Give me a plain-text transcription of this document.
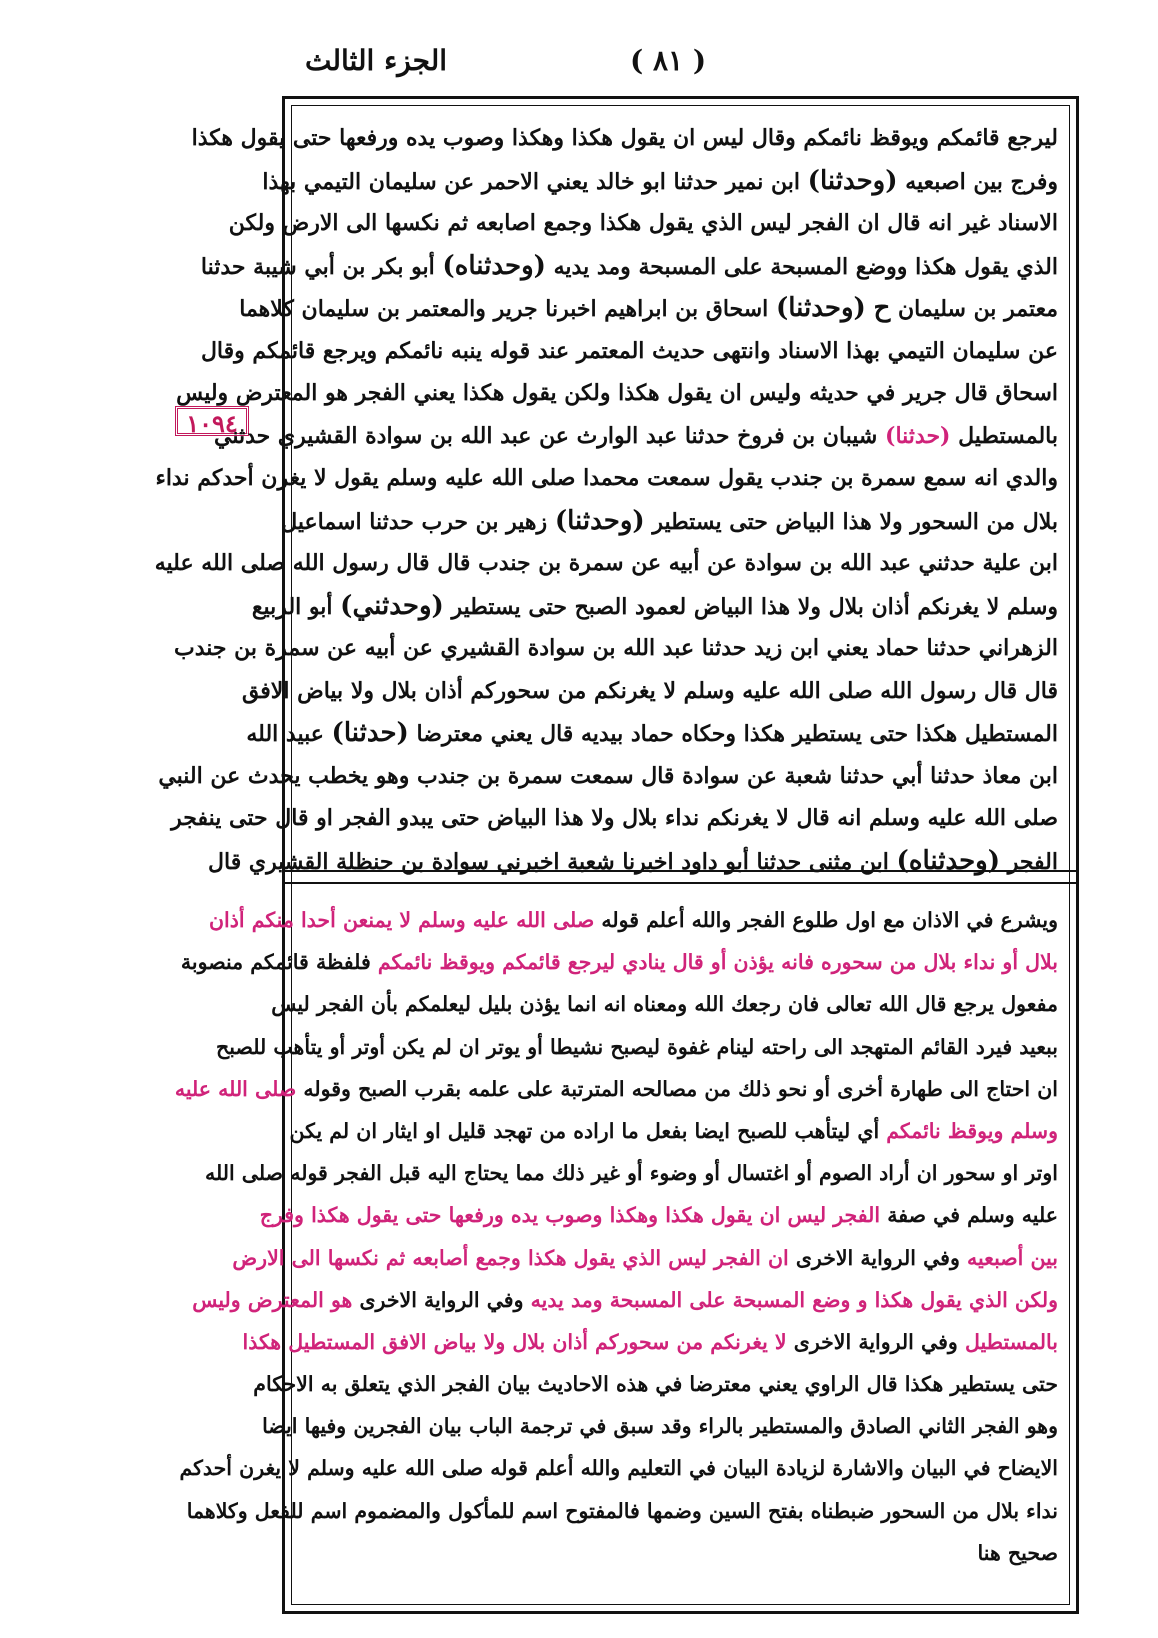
( ٨١ )
الجزء الثالث
١٠٩٤
ليرجع قائمكم ويوقظ نائمكم وقال ليس ان يقول هكذا وهكذا وصوب يده ورفعها حتى يقول هكذا
وفرج بين اصبعيه (وحدثنا) ابن نمير حدثنا ابو خالد يعني الاحمر عن سليمان التيمي بهذا
الاسناد غير انه قال ان الفجر ليس الذي يقول هكذا وجمع اصابعه ثم نكسها الى الارض ولكن
الذي يقول هكذا ووضع المسبحة على المسبحة ومد يديه (وحدثناه) أبو بكر بن أبي شيبة حدثنا
معتمر بن سليمان ح (وحدثنا) اسحاق بن ابراهيم اخبرنا جرير والمعتمر بن سليمان كلاهما
عن سليمان التيمي بهذا الاسناد وانتهى حديث المعتمر عند قوله ينبه نائمكم ويرجع قائمكم وقال
اسحاق قال جرير في حديثه وليس ان يقول هكذا ولكن يقول هكذا يعني الفجر هو المعترض وليس
بالمستطيل (حدثنا) شيبان بن فروخ حدثنا عبد الوارث عن عبد الله بن سوادة القشيري حدثني
والدي انه سمع سمرة بن جندب يقول سمعت محمدا صلى الله عليه وسلم يقول لا يغرن أحدكم نداء
بلال من السحور ولا هذا البياض حتى يستطير (وحدثنا) زهير بن حرب حدثنا اسماعيل
ابن علية حدثني عبد الله بن سوادة عن أبيه عن سمرة بن جندب قال قال رسول الله صلى الله عليه
وسلم لا يغرنكم أذان بلال ولا هذا البياض لعمود الصبح حتى يستطير (وحدثني) أبو الربيع
الزهراني حدثنا حماد يعني ابن زيد حدثنا عبد الله بن سوادة القشيري عن أبيه عن سمرة بن جندب
قال قال رسول الله صلى الله عليه وسلم لا يغرنكم من سحوركم أذان بلال ولا بياض الافق
المستطيل هكذا حتى يستطير هكذا وحكاه حماد بيديه قال يعني معترضا (حدثنا) عبيد الله
ابن معاذ حدثنا أبي حدثنا شعبة عن سوادة قال سمعت سمرة بن جندب وهو يخطب يحدث عن النبي
صلى الله عليه وسلم انه قال لا يغرنكم نداء بلال ولا هذا البياض حتى يبدو الفجر او قال حتى ينفجر
الفجر (وحدثناه) ابن مثنى حدثنا أبو داود اخبرنا شعبة اخبرني سوادة بن حنظلة القشيري قال
ويشرع في الاذان مع اول طلوع الفجر والله أعلم قوله صلى الله عليه وسلم لا يمنعن أحدا منكم أذان
بلال أو نداء بلال من سحوره فانه يؤذن أو قال ينادي ليرجع قائمكم ويوقظ نائمكم فلفظة قائمكم منصوبة
مفعول يرجع قال الله تعالى فان رجعك الله ومعناه انه انما يؤذن بليل ليعلمكم بأن الفجر ليس
ببعيد فيرد القائم المتهجد الى راحته لينام غفوة ليصبح نشيطا أو يوتر ان لم يكن أوتر أو يتأهب للصبح
ان احتاج الى طهارة أخرى أو نحو ذلك من مصالحه المترتبة على علمه بقرب الصبح وقوله صلى الله عليه
وسلم ويوقظ نائمكم أي ليتأهب للصبح ايضا بفعل ما اراده من تهجد قليل او ايثار ان لم يكن
اوتر او سحور ان أراد الصوم أو اغتسال أو وضوء أو غير ذلك مما يحتاج اليه قبل الفجر قوله صلى الله
عليه وسلم في صفة الفجر ليس ان يقول هكذا وهكذا وصوب يده ورفعها حتى يقول هكذا وفرج
بين أصبعيه وفي الرواية الاخرى ان الفجر ليس الذي يقول هكذا وجمع أصابعه ثم نكسها الى الارض
ولكن الذي يقول هكذا و وضع المسبحة على المسبحة ومد يديه وفي الرواية الاخرى هو المعترض وليس
بالمستطيل وفي الرواية الاخرى لا يغرنكم من سحوركم أذان بلال ولا بياض الافق المستطيل هكذا
حتى يستطير هكذا قال الراوي يعني معترضا في هذه الاحاديث بيان الفجر الذي يتعلق به الاحكام
وهو الفجر الثاني الصادق والمستطير بالراء وقد سبق في ترجمة الباب بيان الفجرين وفيها ايضا
الايضاح في البيان والاشارة لزيادة البيان في التعليم والله أعلم قوله صلى الله عليه وسلم لا يغرن أحدكم
نداء بلال من السحور ضبطناه بفتح السين وضمها فالمفتوح اسم للمأكول والمضموم اسم للفعل وكلاهما
صحيح هنا
